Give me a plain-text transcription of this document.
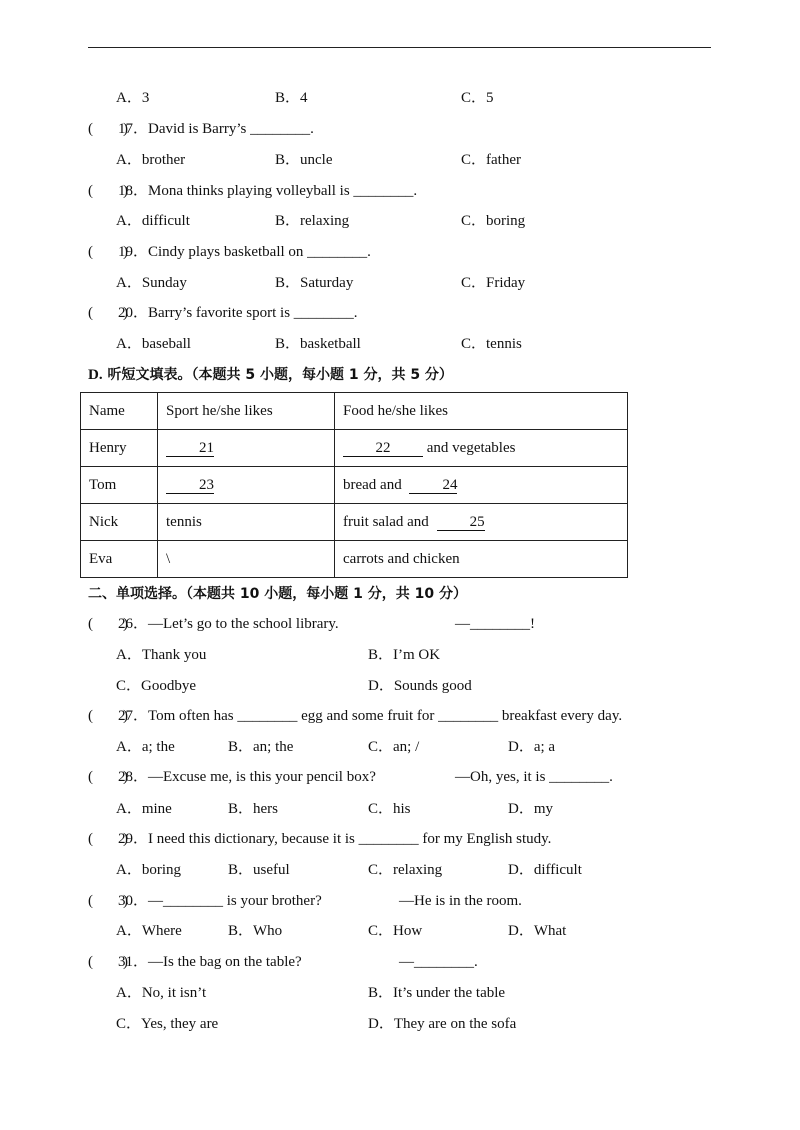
A．3	B．4	C．5
(　　)
17．David is Barry’s ________.
A．brother	B．uncle	C．father
(　　)
18．Mona thinks playing volleyball is ________.
A．difficult	B．relaxing	C．boring
(　　)
19．Cindy plays basketball on ________.
A．Sunday	B．Saturday	C．Friday
(　　)
20．Barry’s favorite sport is ________.
A．baseball	B．basketball	C．tennis
D. 听短文填表。（本题共 5 小题，每小题 1 分，共 5 分）
Name	Sport he/she likes	Food he/she likes
Henry	21	22 and vegetables
Tom	23	bread and 24
Nick	tennis	fruit salad and 25
Eva	\	carrots and chicken
二、单项选择。（本题共 10 小题，每小题 1 分，共 10 分）
(　　)
26．—Let’s go to the school library.	—________!
A．Thank you	B．I’m OK
C．Goodbye	D．Sounds good
(　　)
27．Tom often has ________ egg and some fruit for ________ breakfast every day.
A．a; the	B．an; the	C．an; /	D．a; a
(　　)
28．—Excuse me, is this your pencil box?	—Oh, yes, it is ________.
A．mine	B．hers	C．his	D．my
(　　)
29．I need this dictionary, because it is ________ for my English study.
A．boring	B．useful	C．relaxing	D．difficult
(　　)
30．—________ is your brother?	—He is in the room.
A．Where	B．Who	C．How	D．What
(　　)
31．—Is the bag on the table?	—________.
A．No, it isn’t	B．It’s under the table
C．Yes, they are	D．They are on the sofa
